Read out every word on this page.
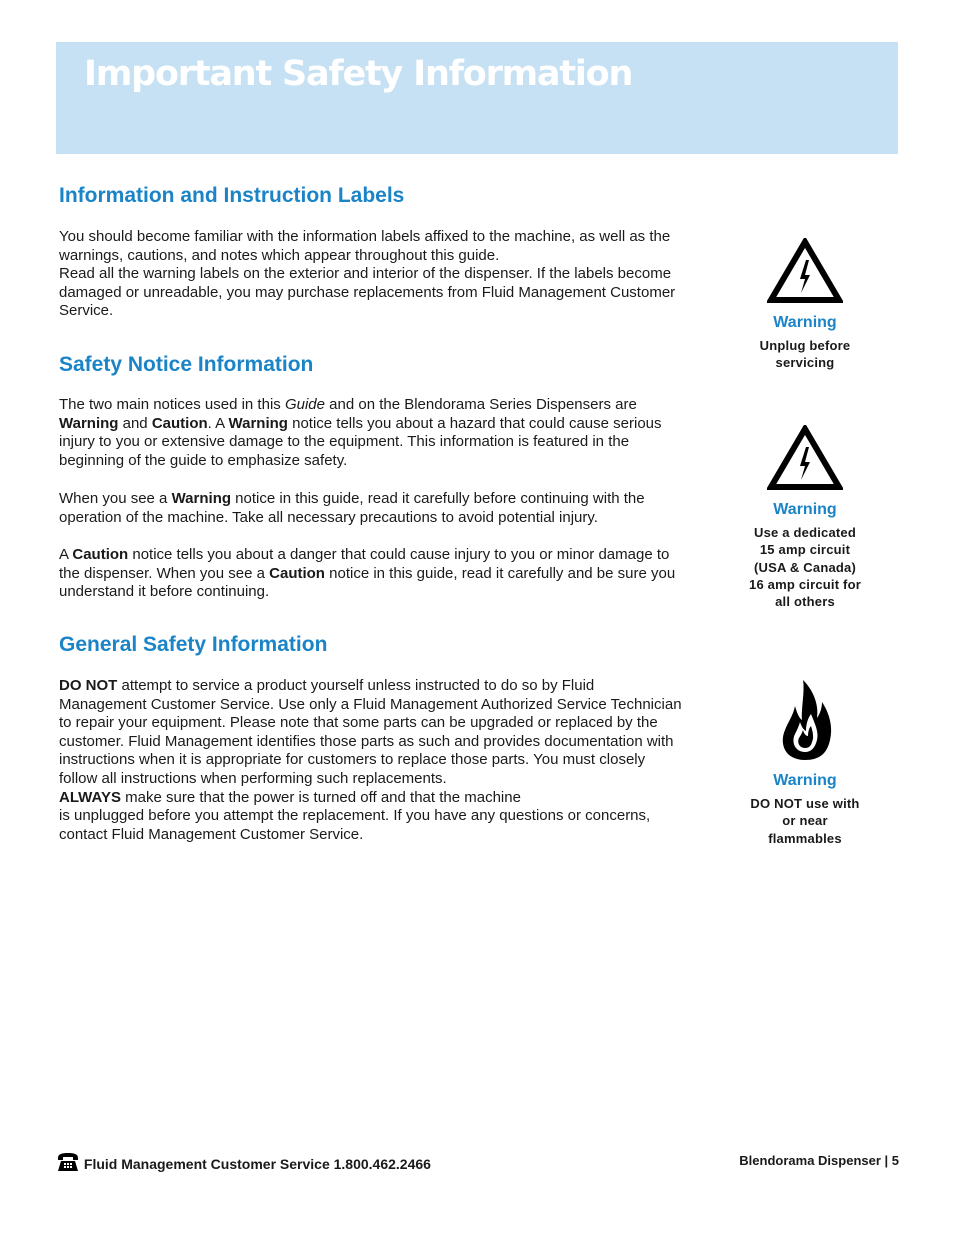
Important Safety Information
Information and Instruction Labels

You should become familiar with the information labels affixed to the machine, as well as the warnings, cautions, and notes which appear throughout this guide.

Read all the warning labels on the exterior and interior of the dispenser. If the labels become damaged or unreadable, you may purchase replacements from Fluid Management Customer Service.

Safety Notice Information

The two main notices used in this Guide and on the Blendorama Series Dispensers are Warning and Caution. A Warning notice tells you about a hazard that could cause serious injury to you or extensive damage to the equipment. This information is featured in the beginning of the guide to emphasize safety.

When you see a Warning notice in this guide, read it carefully before continuing with the operation of the machine. Take all necessary precautions to avoid potential injury.

A Caution notice tells you about a danger that could cause injury to you or minor damage to the dispenser. When you see a Caution notice in this guide, read it carefully and be sure you understand it before continuing.

General Safety Information

DO NOT attempt to service a product yourself unless instructed to do so by Fluid Management Customer Service. Use only a Fluid Management Authorized Service Technician to repair your equipment. Please note that some parts can be upgraded or replaced by the customer. Fluid Management identifies those parts as such and provides documentation with instructions when it is appropriate for customers to replace those parts. You must closely follow all instructions when performing such replacements.
ALWAYS make sure that the power is turned off and that the machine
is unplugged before you attempt the replacement. If you have any questions or concerns, contact Fluid Management Customer Service.

Warning
Unplug before
servicing
Warning
Use a dedicated
15 amp circuit
(USA & Canada)
16 amp circuit for
all others
Warning
DO NOT use with
or near
flammables
Fluid Management Customer Service 1.800.462.2466	Blendorama Dispenser | 5
